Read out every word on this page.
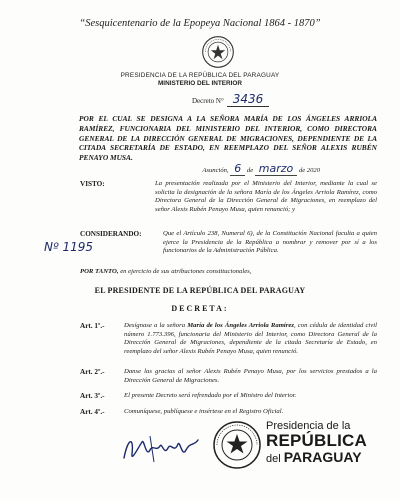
“Sesquicentenario de la Epopeya Nacional 1864 - 1870”
PRESIDENCIA DE LA REPÚBLICA DEL PARAGUAY
MINISTERIO DEL INTERIOR
Decreto N° 3436
POR EL CUAL SE DESIGNA A LA SEÑORA MARÍA DE LOS ÁNGELES ARRIOLA RAMÍREZ, FUNCIONARIA DEL MINISTERIO DEL INTERIOR, COMO DIRECTORA GENERAL DE LA DIRECCIÓN GENERAL DE MIGRACIONES, DEPENDIENTE DE LA CITADA SECRETARÍA DE ESTADO, EN REEMPLAZO DEL SEÑOR ALEXIS RUBÉN PENAYO MUSA.
Asunción, 6 de marzo de 2020
VISTO:	La presentación realizada por el Ministerio del Interior, mediante la cual se solicita la designación de la señora María de los Ángeles Arriola Ramírez, como Directora General de la Dirección General de Migraciones, en reemplazo del señor Alexis Rubén Penayo Musa, quien renunció; y
Nº 1195
CONSIDERANDO:	Que el Artículo 238, Numeral 6), de la Constitución Nacional faculta a quien ejerce la Presidencia de la República a nombrar y remover por sí a los funcionarios de la Administración Pública.
POR TANTO, en ejercicio de sus atribuciones constitucionales,
EL PRESIDENTE DE LA REPÚBLICA DEL PARAGUAY
DECRETA:
Art. 1º.-	Desígnase a la señora María de los Ángeles Arriola Ramírez, con cédula de identidad civil número 1.773.396, funcionaria del Ministerio del Interior, como Directora General de la Dirección General de Migraciones, dependiente de la citada Secretaría de Estado, en reemplazo del señor Alexis Rubén Penayo Musa, quien renunció.
Art. 2º.-	Danse las gracias al señor Alexis Rubén Penayo Musa, por los servicios prestados a la Dirección General de Migraciones.
Art. 3º.-	El presente Decreto será refrendado por el Ministro del Interior.
Art. 4º.-	Comuníquese, publíquese e insértese en el Registro Oficial.
Presidencia de la
REPÚBLICA
del PARAGUAY
